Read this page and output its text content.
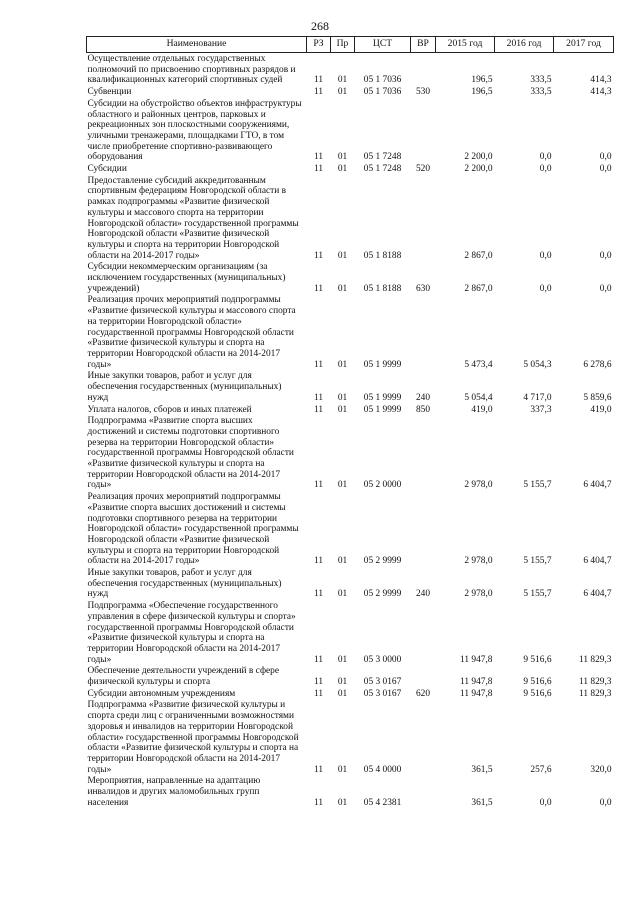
268
Наименование	РЗ	Пр	ЦСТ	ВР	2015 год	2016 год	2017 год
Осуществление отдельных государственных полномочий по присвоению спортивных разрядов и квалификационных категорий спортивных судей	11	01	05 1 7036		196,5	333,5	414,3
Субвенции	11	01	05 1 7036	530	196,5	333,5	414,3
Субсидии на обустройство объектов инфраструктуры областного и районных центров, парковых и рекреационных зон плоскостными сооружениями, уличными тренажерами, площадками ГТО, в том числе приобретение спортивно-развивающего оборудования	11	01	05 1 7248		2 200,0	0,0	0,0
Субсидии	11	01	05 1 7248	520	2 200,0	0,0	0,0
Предоставление субсидий аккредитованным спортивным федерациям Новгородской области в рамках подпрограммы «Развитие физической культуры и массового спорта на территории Новгородской области» государственной программы Новгородской области «Развитие физической культуры и спорта на территории Новгородской области на 2014-2017 годы»	11	01	05 1 8188		2 867,0	0,0	0,0
Субсидии некоммерческим организациям (за исключением государственных (муниципальных) учреждений)	11	01	05 1 8188	630	2 867,0	0,0	0,0
Реализация прочих мероприятий подпрограммы «Развитие физической культуры и массового спорта на территории Новгородской области» государственной программы Новгородской области «Развитие физической культуры и спорта на территории Новгородской области на 2014-2017 годы»	11	01	05 1 9999		5 473,4	5 054,3	6 278,6
Иные закупки товаров, работ и услуг для обеспечения государственных (муниципальных) нужд	11	01	05 1 9999	240	5 054,4	4 717,0	5 859,6
Уплата налогов, сборов и иных платежей	11	01	05 1 9999	850	419,0	337,3	419,0
Подпрограмма «Развитие спорта высших достижений и системы подготовки спортивного резерва на территории Новгородской области» государственной программы Новгородской области «Развитие физической культуры и спорта на территории Новгородской области на 2014-2017 годы»	11	01	05 2 0000		2 978,0	5 155,7	6 404,7
Реализация прочих мероприятий подпрограммы «Развитие спорта высших достижений и системы подготовки спортивного резерва на территории Новгородской области» государственной программы Новгородской области «Развитие физической культуры и спорта на территории Новгородской области на 2014-2017 годы»	11	01	05 2 9999		2 978,0	5 155,7	6 404,7
Иные закупки товаров, работ и услуг для обеспечения государственных (муниципальных) нужд	11	01	05 2 9999	240	2 978,0	5 155,7	6 404,7
Подпрограмма «Обеспечение государственного управления в сфере физической культуры и спорта» государственной программы Новгородской области «Развитие физической культуры и спорта на территории Новгородской области на 2014-2017 годы»	11	01	05 3 0000		11 947,8	9 516,6	11 829,3
Обеспечение деятельности учреждений в сфере физической культуры и спорта	11	01	05 3 0167		11 947,8	9 516,6	11 829,3
Субсидии автономным учреждениям	11	01	05 3 0167	620	11 947,8	9 516,6	11 829,3
Подпрограмма «Развитие физической культуры и спорта среди лиц с ограниченными возможностями здоровья и инвалидов на территории Новгородской области» государственной программы Новгородской области «Развитие физической культуры и спорта на территории Новгородской области на 2014-2017 годы»	11	01	05 4 0000		361,5	257,6	320,0
Мероприятия, направленные на адаптацию инвалидов и других маломобильных групп населения	11	01	05 4 2381		361,5	0,0	0,0
